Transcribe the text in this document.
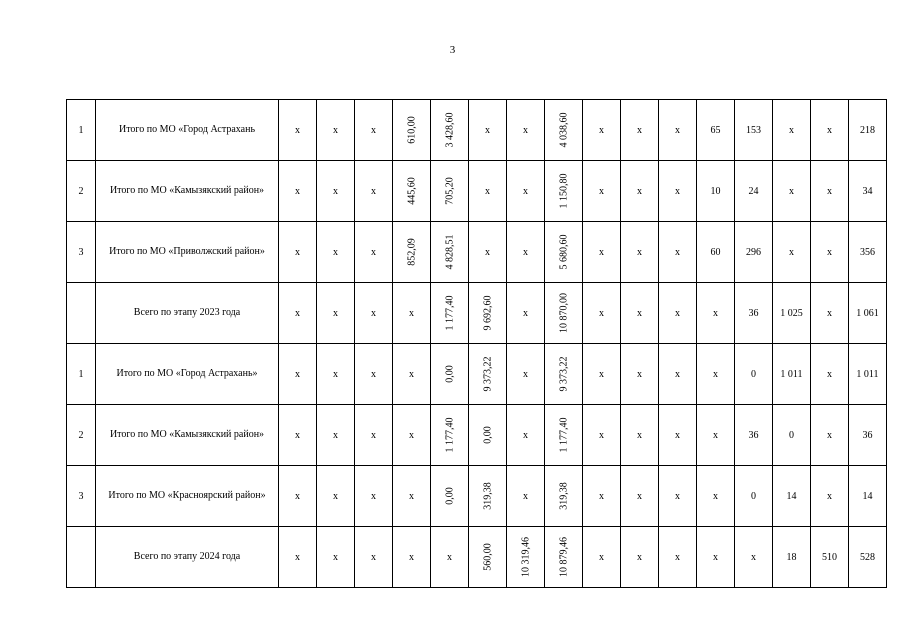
3
1	Итого по МО «Город Астрахань	x	x	x	610,00	3 428,60	x	x	4 038,60	x	x	x	65	153	x	x	218
2	Итого по МО «Камызякский район»	x	x	x	445,60	705,20	x	x	1 150,80	x	x	x	10	24	x	x	34
3	Итого по МО «Приволжский район»	x	x	x	852,09	4 828,51	x	x	5 680,60	x	x	x	60	296	x	x	356
	Всего по этапу 2023 года	x	x	x	x	1 177,40	9 692,60	x	10 870,00	x	x	x	x	36	1 025	x	1 061
1	Итого по МО «Город Астрахань»	x	x	x	x	0,00	9 373,22	x	9 373,22	x	x	x	x	0	1 011	x	1 011
2	Итого по МО «Камызякский район»	x	x	x	x	1 177,40	0,00	x	1 177,40	x	x	x	x	36	0	x	36
3	Итого по МО «Красноярский район»	x	x	x	x	0,00	319,38	x	319,38	x	x	x	x	0	14	x	14
	Всего по этапу 2024 года	x	x	x	x	x	560,00	10 319,46	10 879,46	x	x	x	x	x	18	510	528
